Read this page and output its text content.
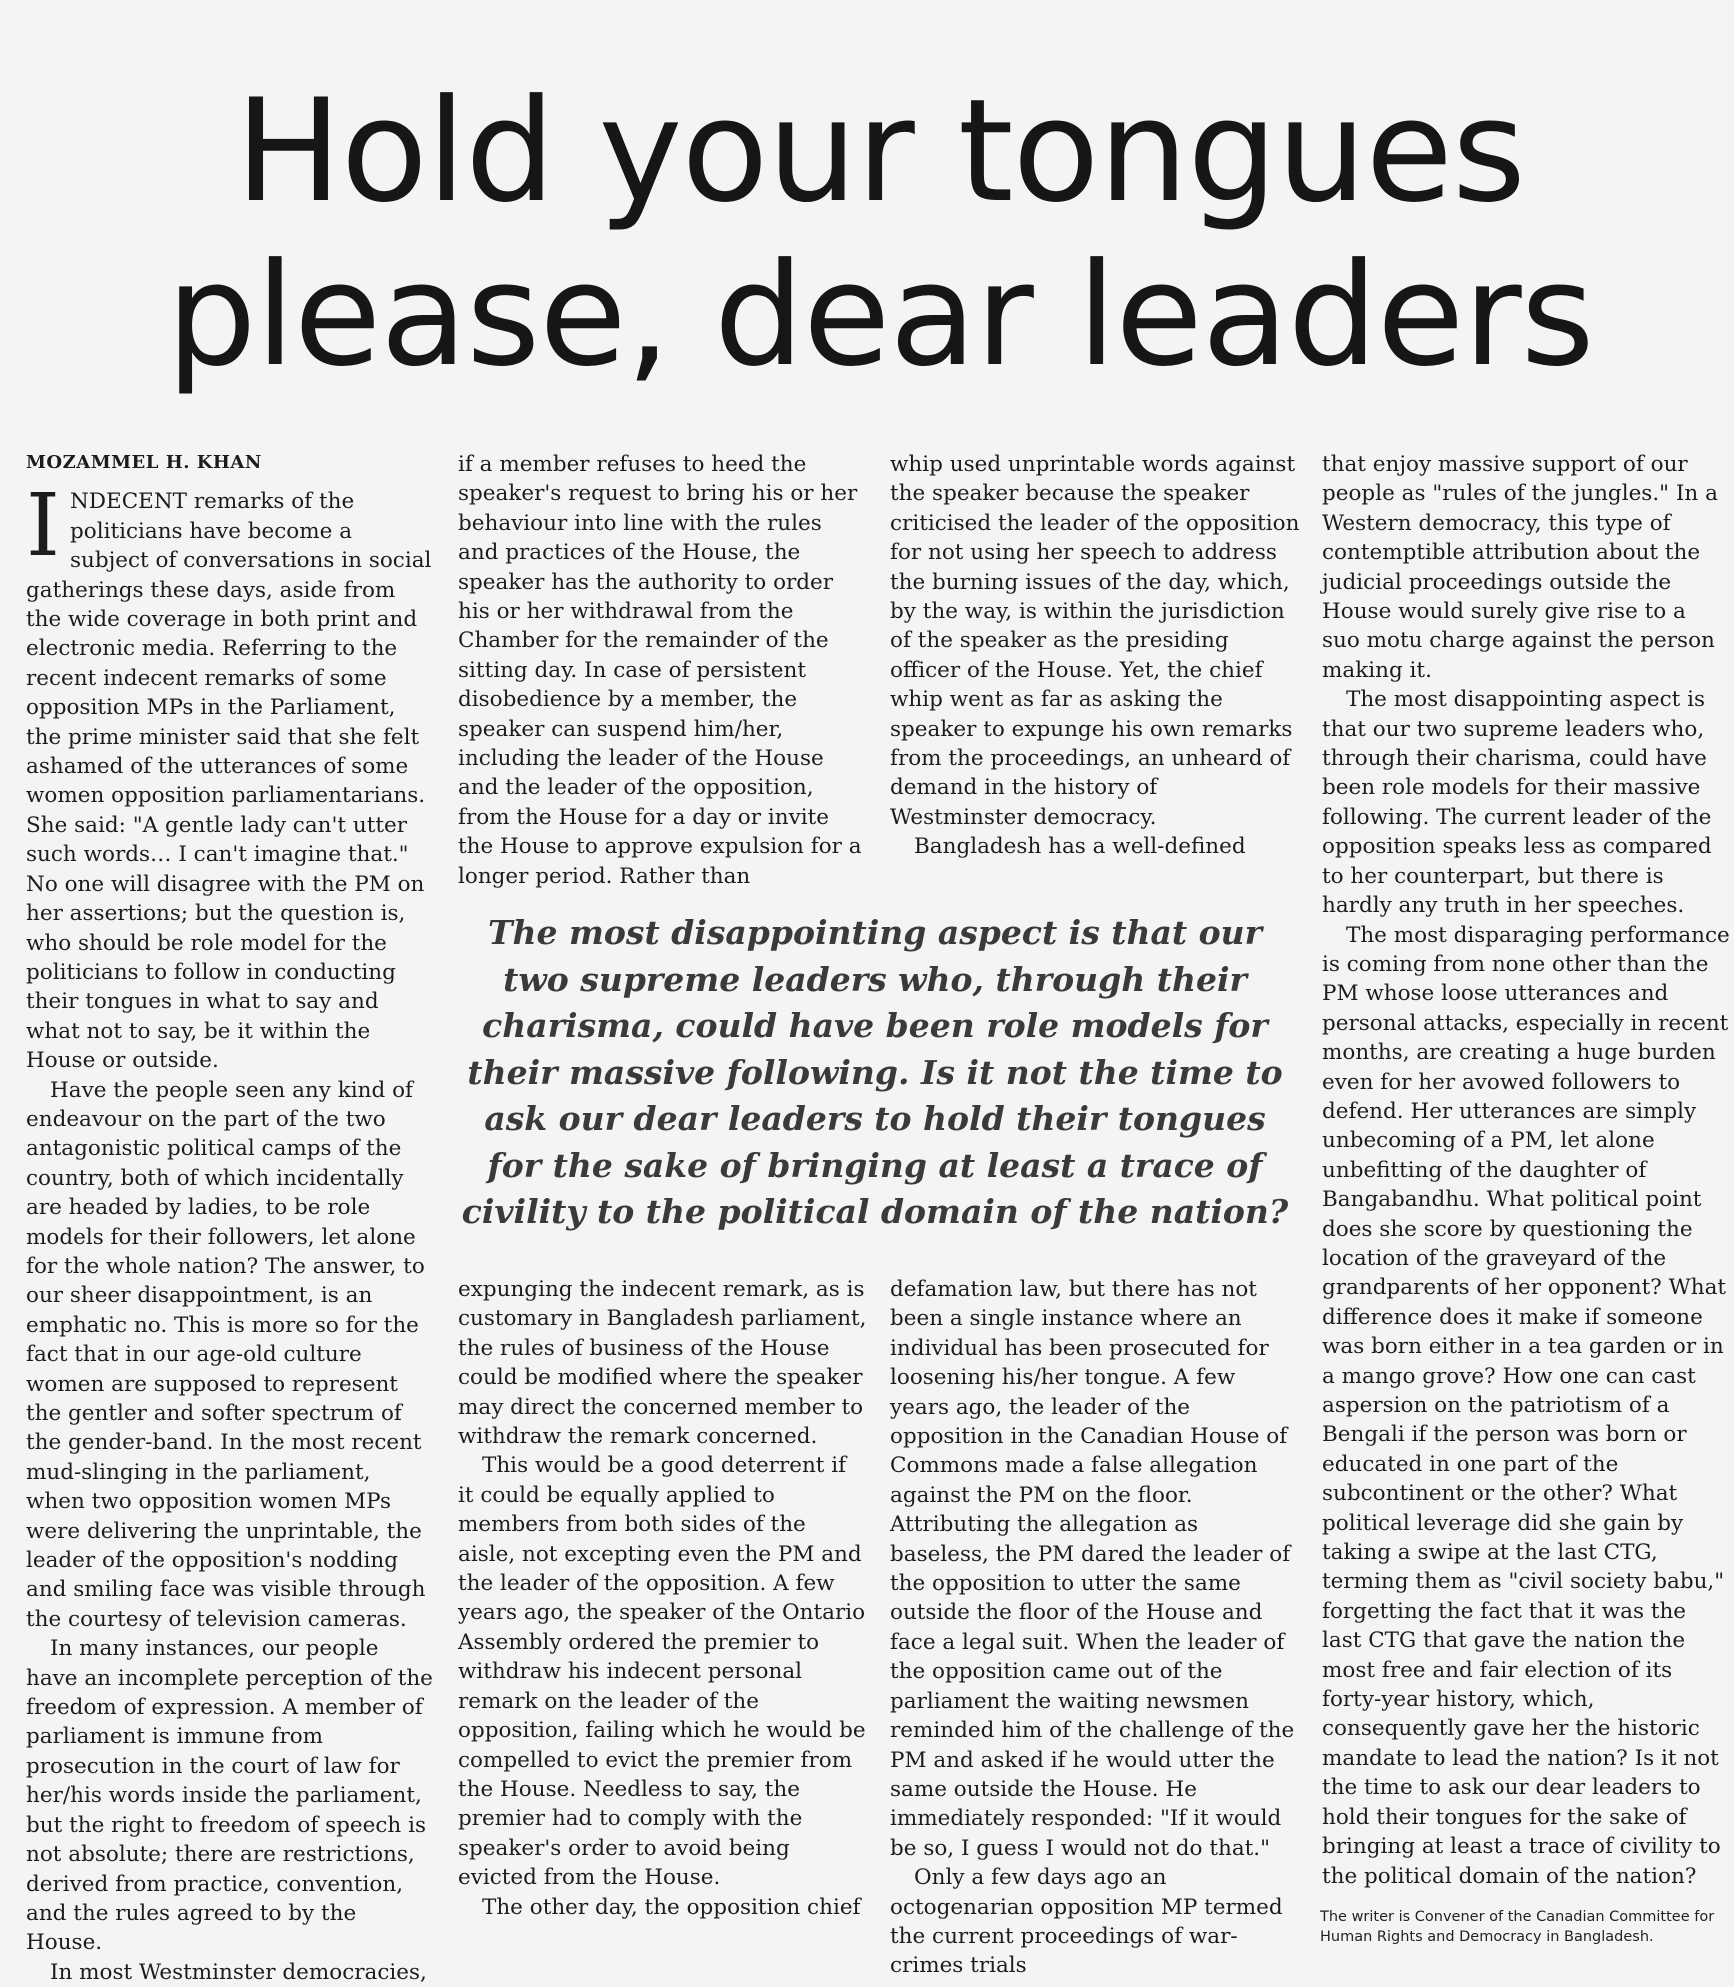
Hold your tongues
please, dear leaders
MOZAMMEL H. KHAN

INDECENT remarks of the politicians have become a subject of conversations in social gatherings these days, aside from the wide coverage in both print and electronic media. Referring to the recent indecent remarks of some opposition MPs in the Parliament, the prime minister said that she felt ashamed of the utterances of some women opposition parliamentarians. She said: "A gentle lady can't utter such words… I can't imagine that." No one will disagree with the PM on her assertions; but the question is, who should be role model for the politicians to follow in conducting their tongues in what to say and what not to say, be it within the House or outside.

Have the people seen any kind of endeavour on the part of the two antagonistic political camps of the country, both of which incidentally are headed by ladies, to be role models for their followers, let alone for the whole nation? The answer, to our sheer disappointment, is an emphatic no. This is more so for the fact that in our age-old culture women are supposed to represent the gentler and softer spectrum of the gender-band. In the most recent mud-slinging in the parliament, when two opposition women MPs were delivering the unprintable, the leader of the opposition's nodding and smiling face was visible through the courtesy of television cameras.

In many instances, our people have an incomplete perception of the freedom of expression. A member of parliament is immune from prosecution in the court of law for her/his words inside the parliament, but the right to freedom of speech is not absolute; there are restrictions, derived from practice, convention, and the rules agreed to by the House.

In most Westminster democracies,

if a member refuses to heed the speaker's request to bring his or her behaviour into line with the rules and practices of the House, the speaker has the authority to order his or her withdrawal from the Chamber for the remainder of the sitting day. In case of persistent disobedience by a member, the speaker can suspend him/her, including the leader of the House and the leader of the opposition, from the House for a day or invite the House to approve expulsion for a longer period. Rather than

whip used unprintable words against the speaker because the speaker criticised the leader of the opposition for not using her speech to address the burning issues of the day, which, by the way, is within the jurisdiction of the speaker as the presiding officer of the House. Yet, the chief whip went as far as asking the speaker to expunge his own remarks from the proceedings, an unheard of demand in the history of Westminster democracy.

Bangladesh has a well-defined

The most disappointing aspect is that our two supreme leaders who, through their charisma, could have been role models for their massive following. Is it not the time to ask our dear leaders to hold their tongues for the sake of bringing at least a trace of civility to the political domain of the nation?

expunging the indecent remark, as is customary in Bangladesh parliament, the rules of business of the House could be modified where the speaker may direct the concerned member to withdraw the remark concerned.

This would be a good deterrent if it could be equally applied to members from both sides of the aisle, not excepting even the PM and the leader of the opposition. A few years ago, the speaker of the Ontario Assembly ordered the premier to withdraw his indecent personal remark on the leader of the opposition, failing which he would be compelled to evict the premier from the House. Needless to say, the premier had to comply with the speaker's order to avoid being evicted from the House.

The other day, the opposition chief

defamation law, but there has not been a single instance where an individual has been prosecuted for loosening his/her tongue. A few years ago, the leader of the opposition in the Canadian House of Commons made a false allegation against the PM on the floor. Attributing the allegation as baseless, the PM dared the leader of the opposition to utter the same outside the floor of the House and face a legal suit. When the leader of the opposition came out of the parliament the waiting newsmen reminded him of the challenge of the PM and asked if he would utter the same outside the House. He immediately responded: "If it would be so, I guess I would not do that."

Only a few days ago an octogenarian opposition MP termed the current proceedings of war-crimes trials

that enjoy massive support of our people as "rules of the jungles." In a Western democracy, this type of contemptible attribution about the judicial proceedings outside the House would surely give rise to a suo motu charge against the person making it.

The most disappointing aspect is that our two supreme leaders who, through their charisma, could have been role models for their massive following. The current leader of the opposition speaks less as compared to her counterpart, but there is hardly any truth in her speeches.

The most disparaging performance is coming from none other than the PM whose loose utterances and personal attacks, especially in recent months, are creating a huge burden even for her avowed followers to defend. Her utterances are simply unbecoming of a PM, let alone unbefitting of the daughter of Bangabandhu. What political point does she score by questioning the location of the graveyard of the grandparents of her opponent? What difference does it make if someone was born either in a tea garden or in a mango grove? How one can cast aspersion on the patriotism of a Bengali if the person was born or educated in one part of the subcontinent or the other? What political leverage did she gain by taking a swipe at the last CTG, terming them as "civil society babu," forgetting the fact that it was the last CTG that gave the nation the most free and fair election of its forty-year history, which, consequently gave her the historic mandate to lead the nation? Is it not the time to ask our dear leaders to hold their tongues for the sake of bringing at least a trace of civility to the political domain of the nation?

The writer is Convener of the Canadian Committee for Human Rights and Democracy in Bangladesh.
